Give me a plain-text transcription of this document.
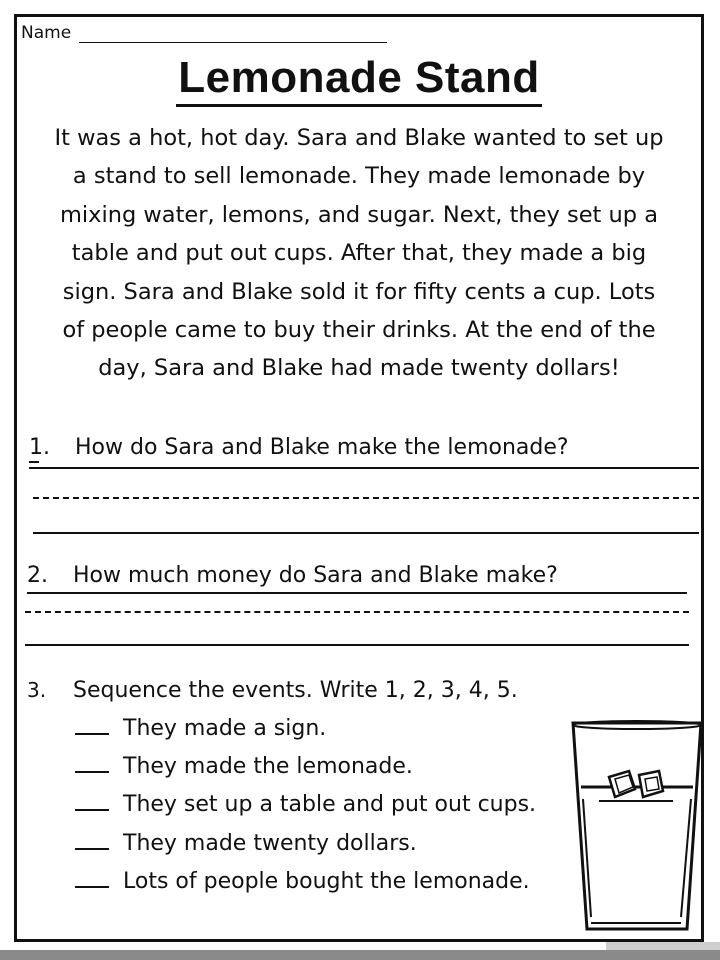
Name
Lemonade Stand
It was a hot, hot day. Sara and Blake wanted to set up
a stand to sell lemonade. They made lemonade by
mixing water, lemons, and sugar. Next, they set up a
table and put out cups. After that, they made a big
sign. Sara and Blake sold it for fifty cents a cup. Lots
of people came to buy their drinks. At the end of the
day, Sara and Blake had made twenty dollars!
1. How do Sara and Blake make the lemonade?
2. How much money do Sara and Blake make?
3. Sequence the events. Write 1, 2, 3, 4, 5.
They made a sign.
They made the lemonade.
They set up a table and put out cups.
They made twenty dollars.
Lots of people bought the lemonade.
